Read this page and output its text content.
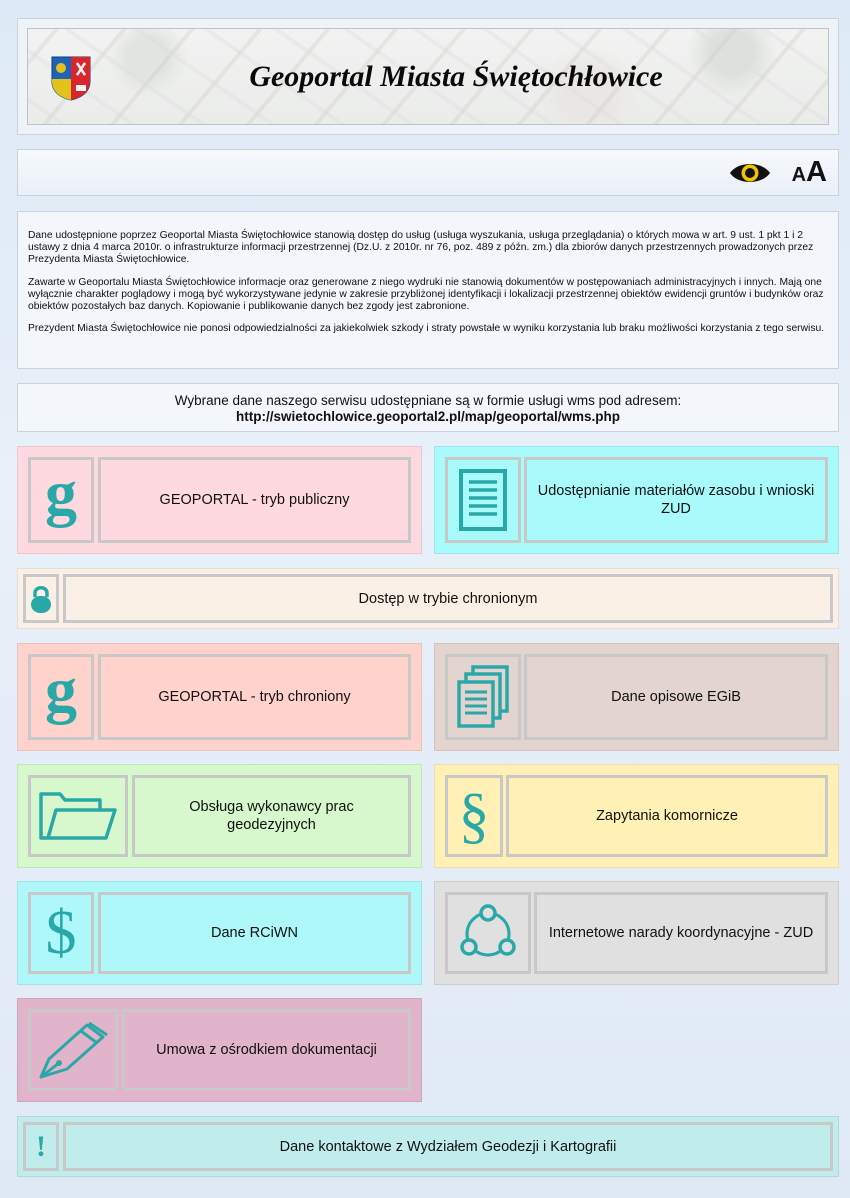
Geoportal Miasta Świętochłowice
AA

Dane udostępnione poprzez Geoportal Miasta Świętochłowice stanowią dostęp do usług (usługa wyszukania, usługa przeglądania) o których mowa w art. 9 ust. 1 pkt 1 i 2 ustawy z dnia 4 marca 2010r. o infrastrukturze informacji przestrzennej (Dz.U. z 2010r. nr 76, poz. 489 z późn. zm.) dla zbiorów danych przestrzennych prowadzonych przez Prezydenta Miasta Świętochłowice.

Zawarte w Geoportalu Miasta Świętochłowice informacje oraz generowane z niego wydruki nie stanowią dokumentów w postępowaniach administracyjnych i innych. Mają one wyłącznie charakter poglądowy i mogą być wykorzystywane jedynie w zakresie przybliżonej identyfikacji i lokalizacji przestrzennej obiektów ewidencji gruntów i budynków oraz obiektów pozostałych baz danych. Kopiowanie i publikowanie danych bez zgody jest zabronione.

Prezydent Miasta Świętochłowice nie ponosi odpowiedzialności za jakiekolwiek szkody i straty powstałe w wyniku korzystania lub braku możliwości korzystania z tego serwisu.

Wybrane dane naszego serwisu udostępniane są w formie usługi wms pod adresem:
http://swietochlowice.geoportal2.pl/map/geoportal/wms.php
g	GEOPORTAL - tryb publiczny
Udostępnianie materiałów zasobu i wnioski ZUD
Dostęp w trybie chronionym
g	GEOPORTAL - tryb chroniony	Dane opisowe EGiB
Obsługa wykonawcy prac geodezyjnych	§	Zapytania komornicze
$	Dane RCiWN	Internetowe narady koordynacyjne - ZUD
Umowa z ośrodkiem dokumentacji
!	Dane kontaktowe z Wydziałem Geodezji i Kartografii
